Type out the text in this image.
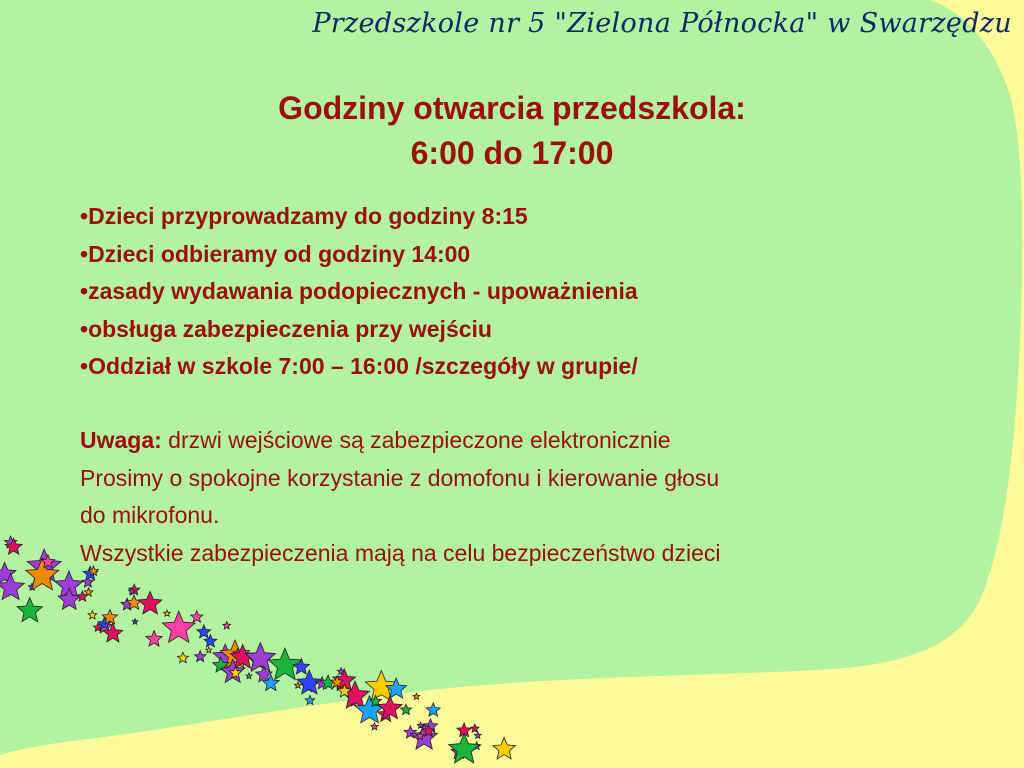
Przedszkole nr 5 "Zielona Północka" w Swarzędzu
Godziny otwarcia przedszkola:
6:00 do 17:00
• Dzieci przyprowadzamy do godziny 8:15
• Dzieci odbieramy od godziny 14:00
• zasady wydawania podopiecznych - upoważnienia
• obsługa zabezpieczenia przy wejściu
• Oddział w szkole 7:00 – 16:00 /szczegóły w grupie/
Uwaga: drzwi wejściowe są zabezpieczone elektronicznie
Prosimy o spokojne korzystanie z domofonu i kierowanie głosu
do mikrofonu.
Wszystkie zabezpieczenia mają na celu bezpieczeństwo dzieci
